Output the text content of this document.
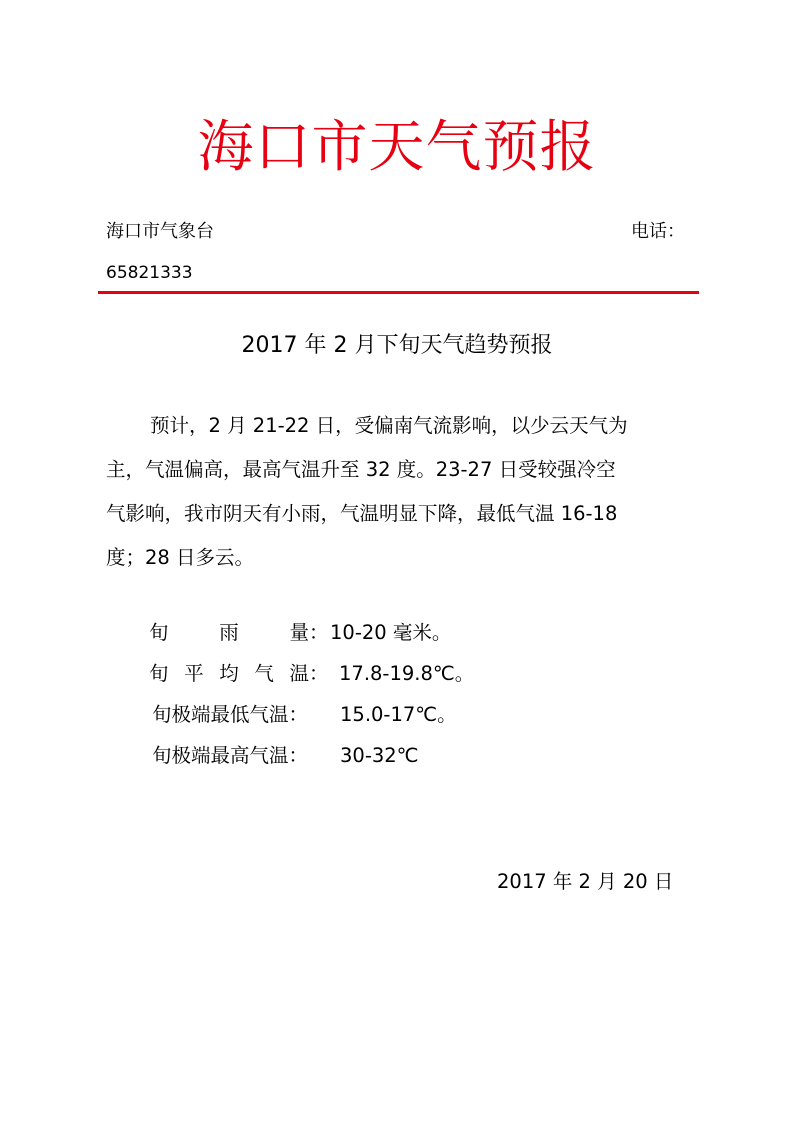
海口市天气预报
海口市气象台	电话：
65821333
2017 年 2 月下旬天气趋势预报
预计，2 月 21-22 日，受偏南气流影响，以少云天气为
主，气温偏高，最高气温升至 32 度。23-27 日受较强冷空
气影响，我市阴天有小雨，气温明显下降，最低气温 16-18
度；28 日多云。
旬	雨	量 ： 10-20 毫米。
旬 平 均 气 温 ： 17.8-19.8℃。
旬极端最低气温： 15.0-17℃。
旬极端最高气温： 30-32℃
2017 年 2 月 20 日
